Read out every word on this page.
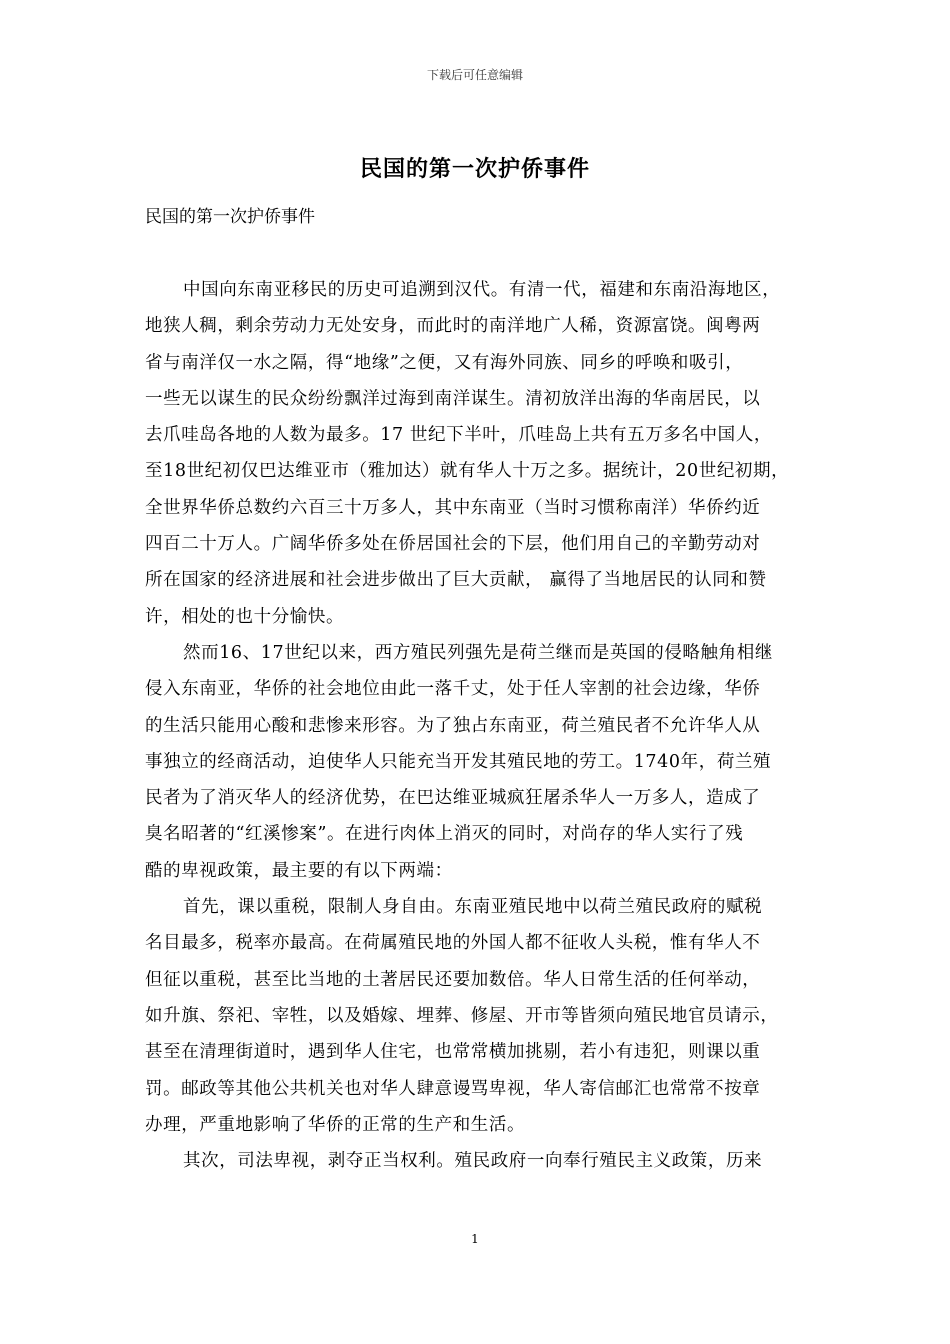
下载后可任意编辑
民国的第一次护侨事件
民国的第一次护侨事件
中国向东南亚移民的历史可追溯到汉代。有清一代，福建和东南沿海地区，
地狭人稠，剩余劳动力无处安身，而此时的南洋地广人稀，资源富饶。闽粤两
省与南洋仅一水之隔，得“地缘”之便，又有海外同族、同乡的呼唤和吸引，
一些无以谋生的民众纷纷飘洋过海到南洋谋生。清初放洋出海的华南居民，以
去爪哇岛各地的人数为最多。17 世纪下半叶，爪哇岛上共有五万多名中国人，
至18世纪初仅巴达维亚市（雅加达）就有华人十万之多。据统计，20世纪初期，
全世界华侨总数约六百三十万多人，其中东南亚（当时习惯称南洋）华侨约近
四百二十万人。广阔华侨多处在侨居国社会的下层，他们用自己的辛勤劳动对
所在国家的经济进展和社会进步做出了巨大贡献， 赢得了当地居民的认同和赞
许，相处的也十分愉快。
然而16、17世纪以来，西方殖民列强先是荷兰继而是英国的侵略触角相继
侵入东南亚，华侨的社会地位由此一落千丈，处于任人宰割的社会边缘，华侨
的生活只能用心酸和悲惨来形容。为了独占东南亚，荷兰殖民者不允许华人从
事独立的经商活动，迫使华人只能充当开发其殖民地的劳工。1740年，荷兰殖
民者为了消灭华人的经济优势，在巴达维亚城疯狂屠杀华人一万多人，造成了
臭名昭著的“红溪惨案”。在进行肉体上消灭的同时，对尚存的华人实行了残
酷的卑视政策，最主要的有以下两端：
首先，课以重税，限制人身自由。东南亚殖民地中以荷兰殖民政府的赋税
名目最多，税率亦最高。在荷属殖民地的外国人都不征收人头税，惟有华人不
但征以重税，甚至比当地的土著居民还要加数倍。华人日常生活的任何举动，
如升旗、祭祀、宰牲，以及婚嫁、埋葬、修屋、开市等皆须向殖民地官员请示，
甚至在清理街道时，遇到华人住宅，也常常横加挑剔，若小有违犯，则课以重
罚。邮政等其他公共机关也对华人肆意谩骂卑视，华人寄信邮汇也常常不按章
办理，严重地影响了华侨的正常的生产和生活。
其次，司法卑视，剥夺正当权利。殖民政府一向奉行殖民主义政策，历来
1
